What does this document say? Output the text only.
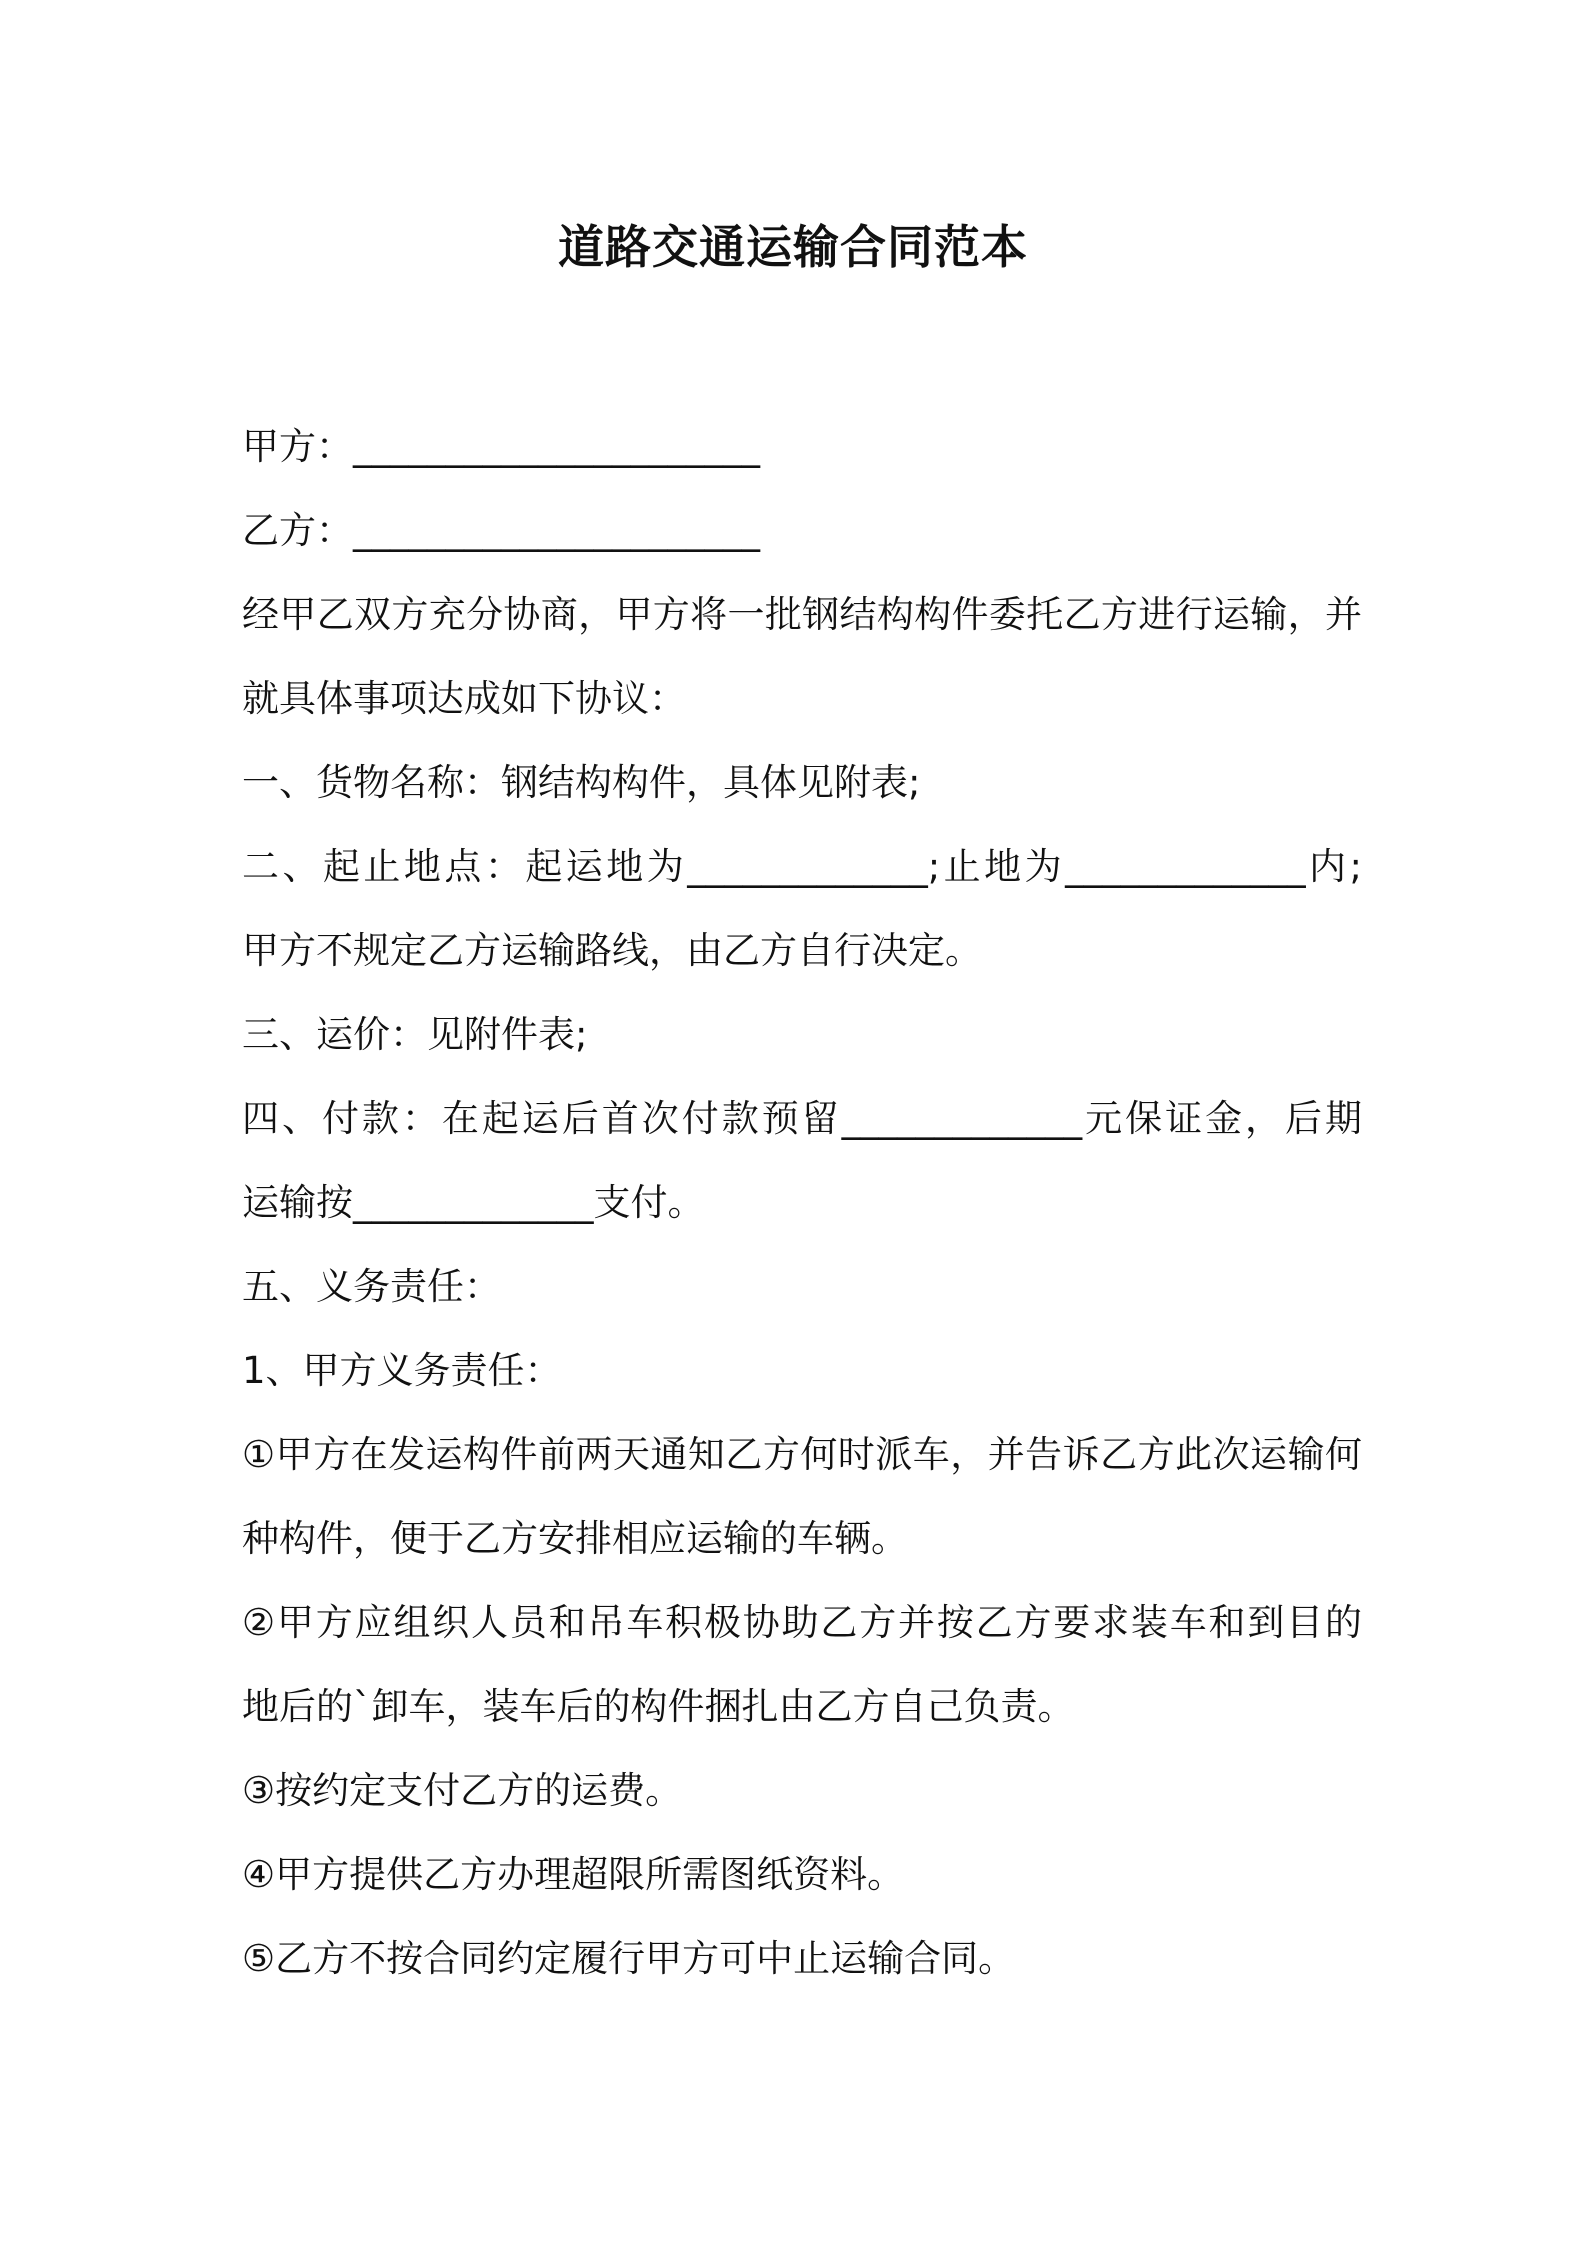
道路交通运输合同范本
甲方：______________________
乙方：______________________
经甲乙双方充分协商，甲方将一批钢结构构件委托乙方进行运输，并
就具体事项达成如下协议：
一、货物名称：钢结构构件，具体见附表;
二、起止地点：起运地为_____________;止地为_____________内;
甲方不规定乙方运输路线，由乙方自行决定。
三、运价：见附件表;
四、付款：在起运后首次付款预留_____________元保证金，后期
运输按_____________支付。
五、义务责任：
1、甲方义务责任：
①甲方在发运构件前两天通知乙方何时派车，并告诉乙方此次运输何
种构件，便于乙方安排相应运输的车辆。
②甲方应组织人员和吊车积极协助乙方并按乙方要求装车和到目的
地后的`卸车，装车后的构件捆扎由乙方自己负责。
③按约定支付乙方的运费。
④甲方提供乙方办理超限所需图纸资料。
⑤乙方不按合同约定履行甲方可中止运输合同。
